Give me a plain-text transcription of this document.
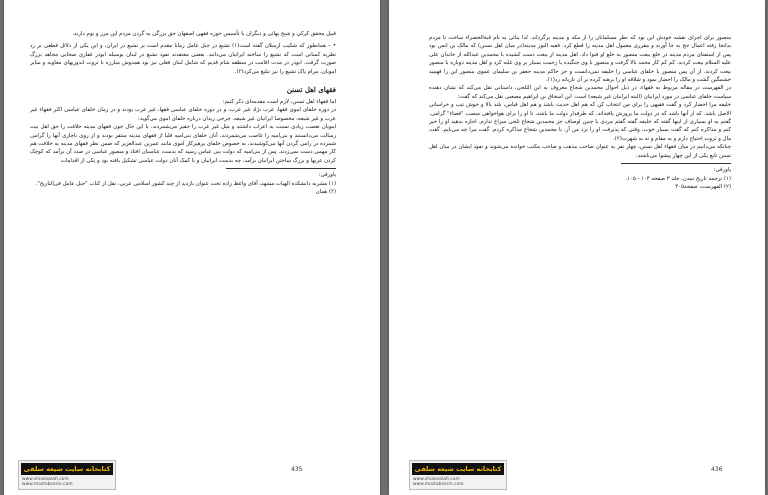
قبیل محقق کرکی و شیخ بهائی و دیگران با تأسیس حوزه فقهی اصفهان حق بزرگی به گردن مردم این مرز و بوم دارند.

• – همانطور که شکیب ارسلان گفته است(۱) تشیع در جبل عامل زمانا مقدم است بر تشیع در ایران، و این یکی از دلائل قطعی بر رد نظریه کسانی است که تشیع را ساخته ایرانیان می‌دانند. بعضی معتقدند نفوذ تشیع در لبنان بوسیله ابوذر غفاری صحابی مجاهد بزرگ صورت گرفت. ابوذر در مدت اقامت در منطقه شام قدیم که شامل لبنان فعلی نیز بود همدوش مبارزه با ثروت اندوزیهای معاویه و سایر امویان، مرام پاک تشیع را نیز تبلیغ می‌کرد(۲).

فقهای اهل تسنن

اما فقهاء اهل تسنن، لازم است مقدمه‌ای ذکر کنیم:

در دوره خلفای اموی فقها، عرب نژاد غیر عرب، و در دوره خلفای عباسی فقها، غیر عرب بودند و در زمان خلفای عباسی اکثر فقهاء غیر عرب و غیر شیعه، مخصوصا ایرانیان غیر شیعه. جرجی زیدان درباره خلفای اموی می‌گوید:

امویان تعصب زیادی نسبت به اعراب داشتند و مثل غیر عرب را حقیر می‌شمردند. با این حال جون فقهای مدینه خلافت را حق اهل بیت رسالت می‌دانستند و بنی‌امیه را غاصب می‌شمردند، آنان خلفای بنی‌امیه قلبا از فقهای مدینه منتفر بودند و از روی ناچاری آنها را گرامی شمرده در رامی گردن آنها می‌کوشیدند، به خصوص خلفای پرهیزکار اموی مانند عمربن عبدالعزیز که ضمن نظر فقهای مدینه به خلافت هم کار مهمی دست نمی‌زدند. پس از بنی‌امیه که دولت بنی عباس رسید که بدست عباسیان افتاد و منصور عباسی در صدد آن برآمد که کوچک کردن عربها و بزرگ ساختن ایرانیان برآمد، چه بدست ایرانیان و با کمک آنان دولت عباسی تشکیل یافته بود و یکی از اقدامات

پاورقی:

(۱) مشربه دانشکده الهیات مشهد، آقای واعظ زاده تحت عنوان بازدید از چند کشور اسلامی عربی، نقل از کتاب "جبل عامل فی‌التاریخ".

(۲) همان

کتابخانه سایت شیعه سلفی
www.shiaesalafi.com
www.mostabserin.com
435

منصور برای اجرای نقشه خودش این بود که نظر مسلمانان را از مکه و مدینه برگرداند. لذا بنائی به نام قبةالخضراء ساخت تا مردم بدانجا رفته اعمال حج به جا آورند و مقرری معمول اهل مدینه را قطع کرد. فقیه البوز مدینه(در میان اهل تسنن) که مالک بن انس بود پس از استفتای مردم مدینه در خلع بیعت منصور به خلع او فتوا داد. اهل مدینه از بیعت دست کشیده با محمدبن عبدالله از خاندان علی علیه السلام بیعت کردند. کم کم کار محمد بالا گرفت و منصور با وی جنگیده با زحمت بسیار بر وی غلبه کرد و اهل مدینه دوباره با منصور بیعت کردند. از آن پس منصور با خلفای عباسی را خلیفه نمی‌دانست و جز حاکم مدینه جعفر بن سلیمان عموی منصور این را فهمید خشمگین گشت و مالک را احضار نمود و شلاقه او را برهنه کرده بر آن تازیانه زد(۱).

در الفهرست در مقاله مربوط به فقهاء، در ذیل احوال محمدبن شجاع معروف به ابن الثلجی، داستانی نقل می‌کند که نشان دهنده سیاست خلفای عباسی در مورد ایرانیان (البته ایرانیان غیر شیعه) است. ابن اسحاق بن ابراهیم مصعبی نقل می‌کند که گفت:

خلیفه مرا احضار کرد و گفت فقیهی را برای من انتخاب کن که هم اهل حدیث باشد و هم اهل قیاس، بلند بالا و خوش تیپ و خراسانی الاصل باشد. که از آنها باشد که در دولت ما پرورش یافته‌اند، که طرفدار دولت ما باشد، تا او را برای هواخواهی منصب "قضاء" گرامی. گفتم به او بسیاری از اینها گفته که خلیفه گفته گفتم مردی با چنین اوصاف جز محمدبن شجاع ثلجی سراغ ندارم. اجازه بدهید او را خبر کنم و مذاکره کنم که گفت بسیار خوب، وقتی که پذیرفت او را نزد من آر. با محمدبن شجاع مذاکره کردم. گفت مرا چه می‌بایم. گفت مال و ثروت احتیاج دارم و به مقام و نه به شهرت(۲).

چنانکه می‌دانیم در میان فقهاء اهل تسنن، چهار نفر به عنوان صاحب مذهب و صاحب مکتب خوانده می‌شوند و نفوذ ایشان در میان اهل تسنن تابع یکی از این چهار پیشوا می‌باشند.

پاورقی:

(۱) ترجمه تاریخ تمدن، جلد ۳ صفحه ۱۰۴ - ۱۰۵.

(۲) الفهرست، صفحه۳۰۵

کتابخانه سایت شیعه سلفی
www.shiaesalafi.com
www.mostabserin.com
436
